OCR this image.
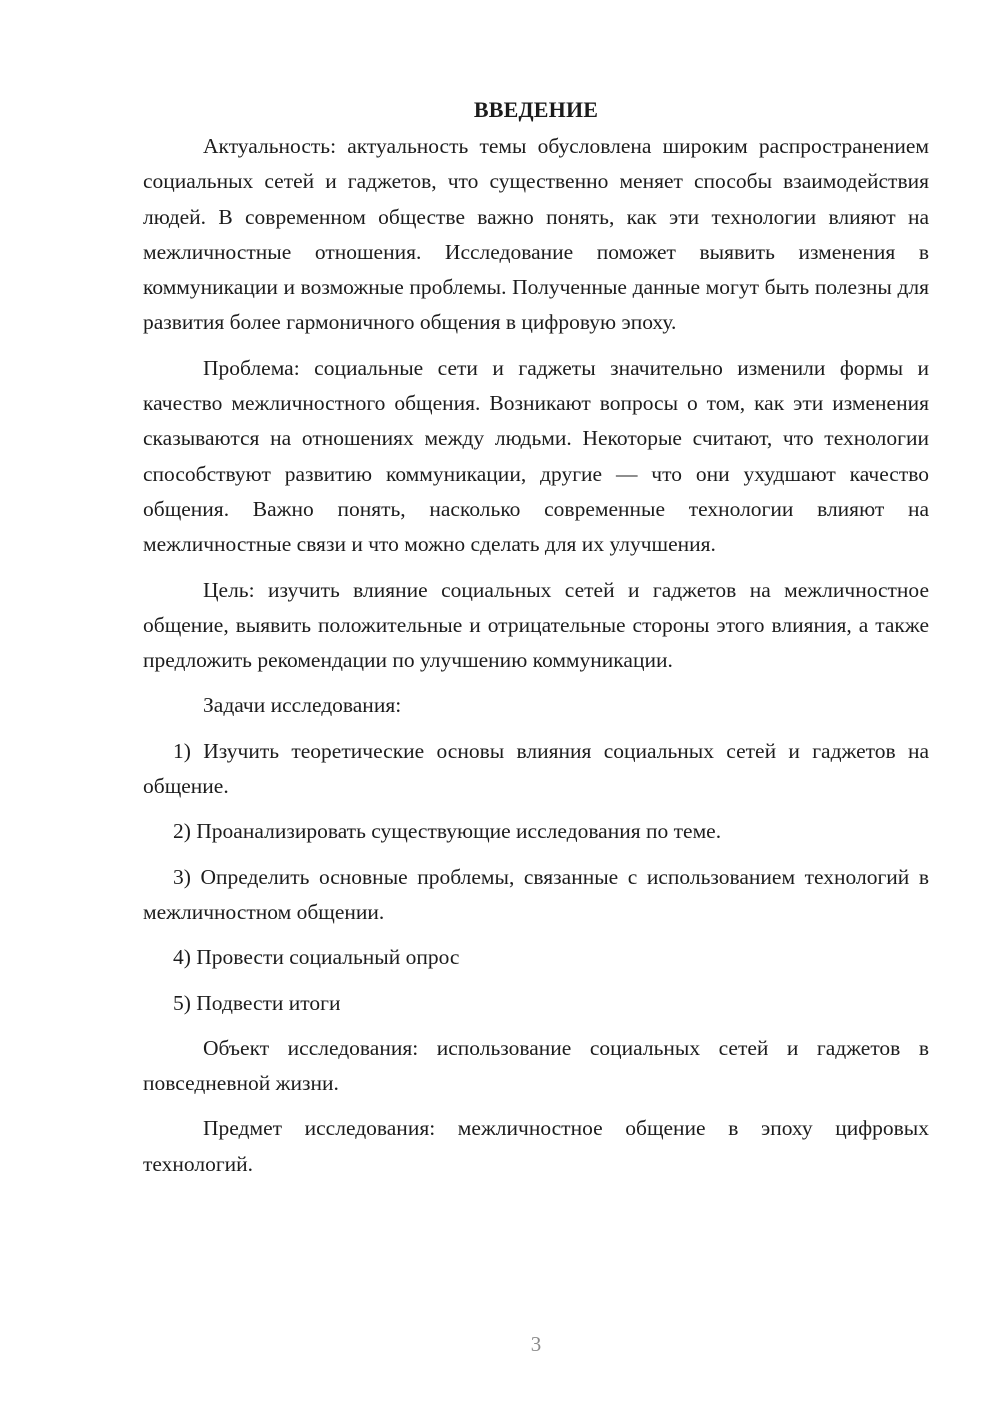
ВВЕДЕНИЕ

Актуальность: актуальность темы обусловлена широким распространением социальных сетей и гаджетов, что существенно меняет способы взаимодействия людей. В современном обществе важно понять, как эти технологии влияют на межличностные отношения. Исследование поможет выявить изменения в коммуникации и возможные проблемы. Полученные данные могут быть полезны для развития более гармоничного общения в цифровую эпоху.

Проблема: социальные сети и гаджеты значительно изменили формы и качество межличностного общения. Возникают вопросы о том, как эти изменения сказываются на отношениях между людьми. Некоторые считают, что технологии способствуют развитию коммуникации, другие — что они ухудшают качество общения. Важно понять, насколько современные технологии влияют на межличностные связи и что можно сделать для их улучшения.

Цель: изучить влияние социальных сетей и гаджетов на межличностное общение, выявить положительные и отрицательные стороны этого влияния, а также предложить рекомендации по улучшению коммуникации.

Задачи исследования:

1) Изучить теоретические основы влияния социальных сетей и гаджетов на общение.

2) Проанализировать существующие исследования по теме.

3) Определить основные проблемы, связанные с использованием технологий в межличностном общении.

4) Провести социальный опрос

5) Подвести итоги

Объект исследования: использование социальных сетей и гаджетов в повседневной жизни.

Предмет исследования: межличностное общение в эпоху цифровых технологий.

3
